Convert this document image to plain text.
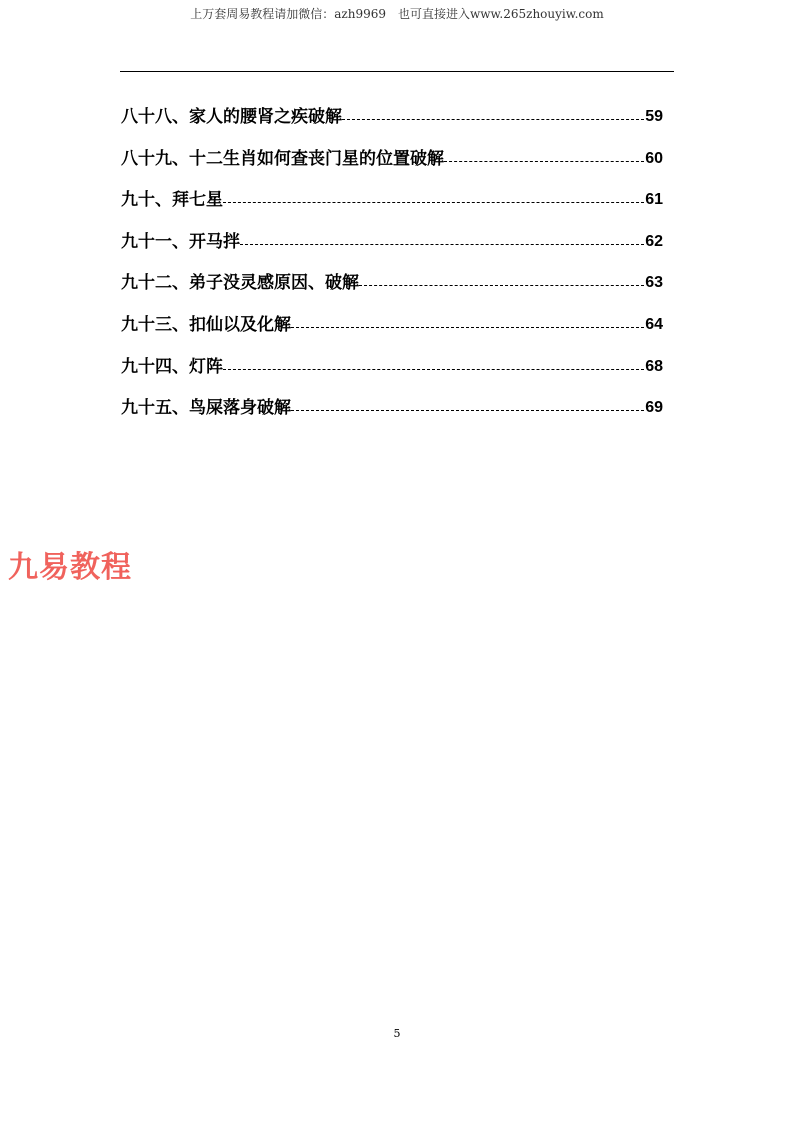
上万套周易教程请加微信：azh9969　也可直接进入www.265zhouyiw.com
八十八、家人的腰肾之疾破解	59
八十九、十二生肖如何查丧门星的位置破解	60
九十、拜七星	61
九十一、开马拌	62
九十二、弟子没灵感原因、破解	63
九十三、扣仙以及化解	64
九十四、灯阵	68
九十五、鸟屎落身破解	69
九易教程
5
